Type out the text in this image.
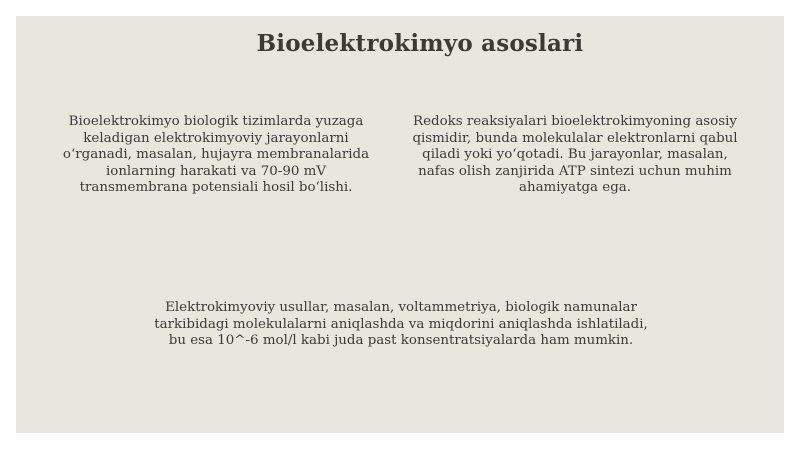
Bioelektrokimyo asoslari
Bioelektrokimyo biologik tizimlarda yuzaga keladigan elektrokimyoviy jarayonlarni o‘rganadi, masalan, hujayra membranalarida ionlarning harakati va 70-90 mV transmembrana potensiali hosil bo‘lishi.
Redoks reaksiyalari bioelektrokimyoning asosiy qismidir, bunda molekulalar elektronlarni qabul qiladi yoki yo‘qotadi. Bu jarayonlar, masalan, nafas olish zanjirida ATP sintezi uchun muhim ahamiyatga ega.
Elektrokimyoviy usullar, masalan, voltammetriya, biologik namunalar tarkibidagi molekulalarni aniqlashda va miqdorini aniqlashda ishlatiladi, bu esa 10^-6 mol/l kabi juda past konsentratsiyalarda ham mumkin.
